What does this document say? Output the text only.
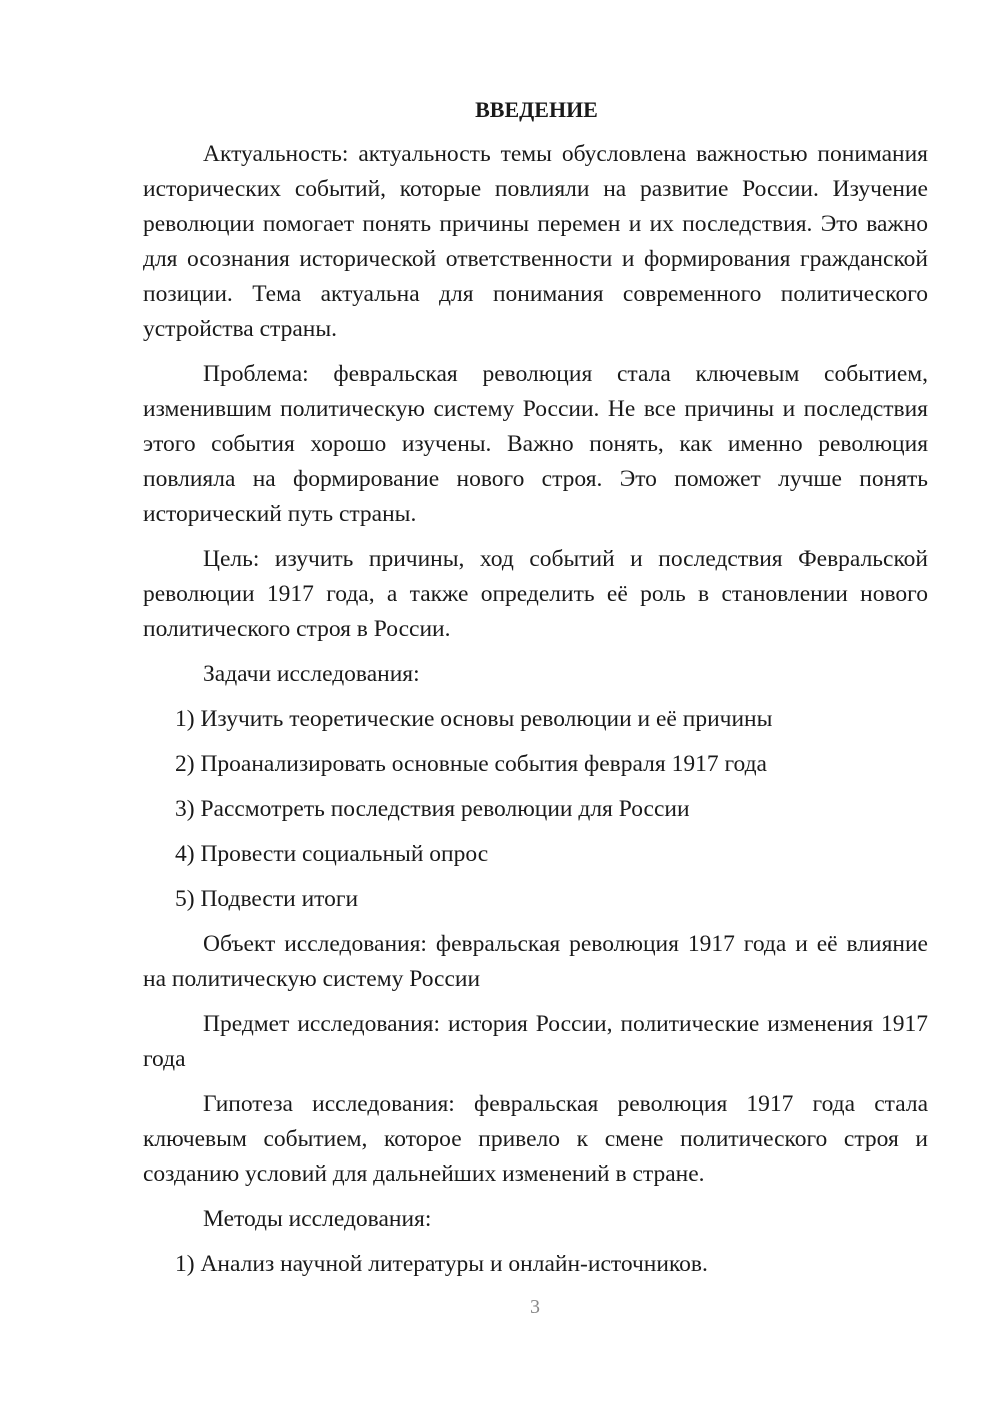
ВВЕДЕНИЕ

Актуальность: актуальность темы обусловлена важностью понимания исторических событий, которые повлияли на развитие России. Изучение революции помогает понять причины перемен и их последствия. Это важно для осознания исторической ответственности и формирования гражданской позиции. Тема актуальна для понимания современного политического устройства страны.

Проблема: февральская революция стала ключевым событием, изменившим политическую систему России. Не все причины и последствия этого события хорошо изучены. Важно понять, как именно революция повлияла на формирование нового строя. Это поможет лучше понять исторический путь страны.

Цель: изучить причины, ход событий и последствия Февральской революции 1917 года, а также определить её роль в становлении нового политического строя в России.

Задачи исследования:

1) Изучить теоретические основы революции и её причины

2) Проанализировать основные события февраля 1917 года

3) Рассмотреть последствия революции для России

4) Провести социальный опрос

5) Подвести итоги

Объект исследования: февральская революция 1917 года и её влияние на политическую систему России

Предмет исследования: история России, политические изменения 1917 года

Гипотеза исследования: февральская революция 1917 года стала ключевым событием, которое привело к смене политического строя и созданию условий для дальнейших изменений в стране.

Методы исследования:

1) Анализ научной литературы и онлайн-источников.

3
